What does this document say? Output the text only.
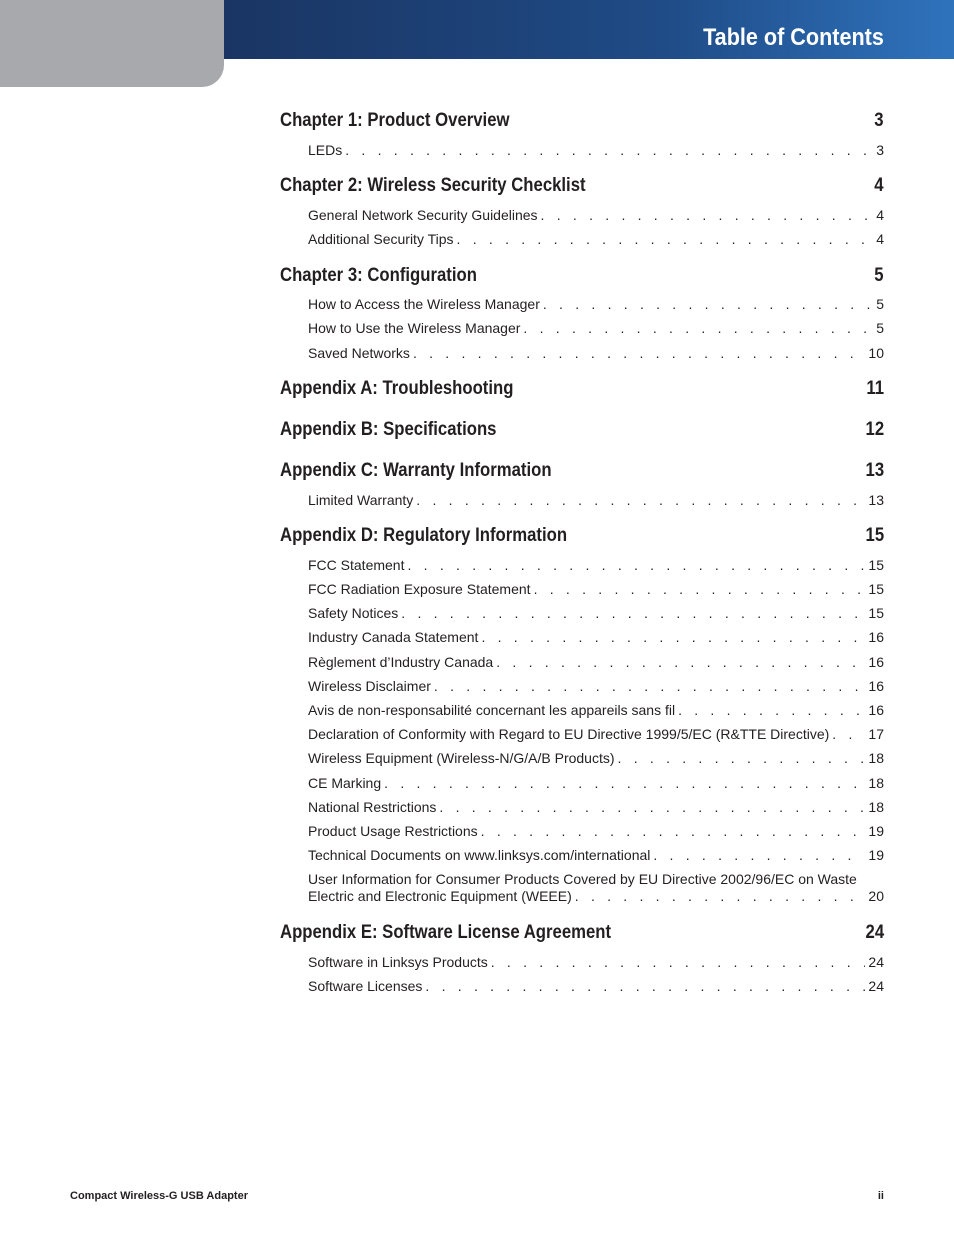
Table of Contents
Chapter 1: Product Overview	3
LEDs . . .	3
Chapter 2: Wireless Security Checklist	4
General Network Security Guidelines . . .	4
Additional Security Tips . . .	4
Chapter 3: Configuration	5
How to Access the Wireless Manager . . .	5
How to Use the Wireless Manager . . .	5
Saved Networks . . .	10
Appendix A: Troubleshooting	11
Appendix B: Specifications	12
Appendix C: Warranty Information	13
Limited Warranty . . .	13
Appendix D: Regulatory Information	15
FCC Statement . . .	15
FCC Radiation Exposure Statement . . .	15
Safety Notices . . .	15
Industry Canada Statement . . .	16
Règlement d’Industry Canada . . .	16
Wireless Disclaimer . . .	16
Avis de non-responsabilité concernant les appareils sans fil . . .	16
Declaration of Conformity with Regard to EU Directive 1999/5/EC (R&TTE Directive) . . .	17
Wireless Equipment (Wireless-N/G/A/B Products) . . .	18
CE Marking . . .	18
National Restrictions . . .	18
Product Usage Restrictions . . .	19
Technical Documents on www.linksys.com/international . . .	19
User Information for Consumer Products Covered by EU Directive 2002/96/EC on Waste
Electric and Electronic Equipment (WEEE) . . .	20
Appendix E: Software License Agreement	24
Software in Linksys Products . . .	24
Software Licenses . . .	24
Compact Wireless-G USB Adapter	ii
